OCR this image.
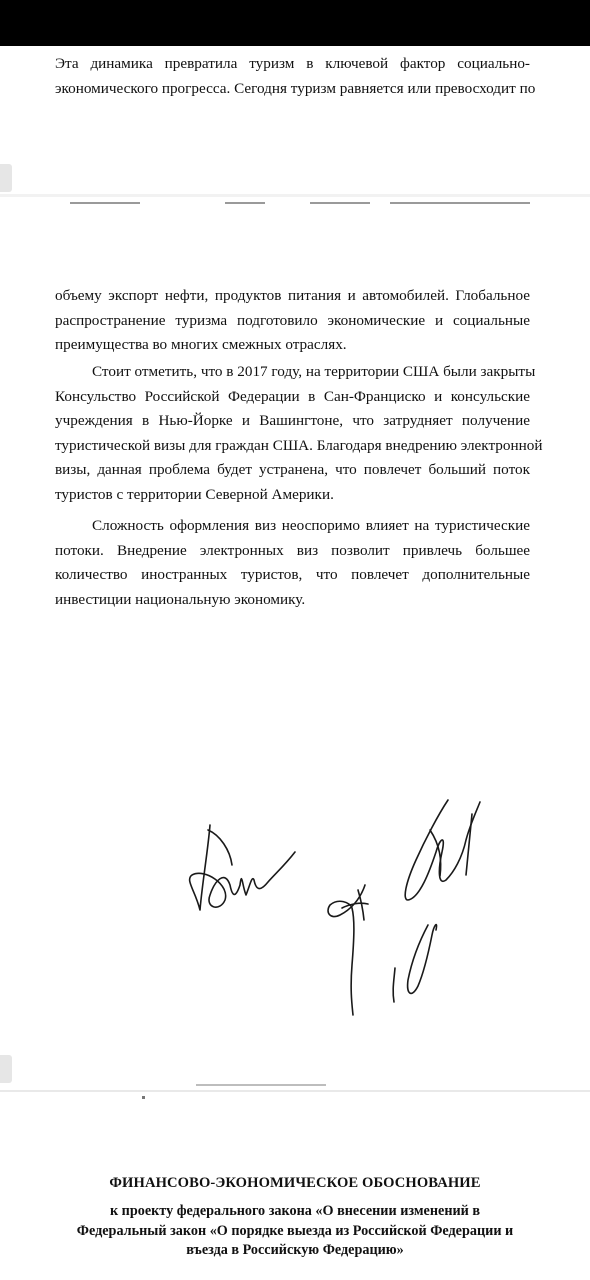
Эта динамика превратила туризм в ключевой фактор социально-
экономического прогресса. Сегодня туризм равняется или превосходит по
объему экспорт нефти, продуктов питания и автомобилей. Глобальное
распространение туризма подготовило экономические и социальные
преимущества во многих смежных отраслях.
Стоит отметить, что в 2017 году, на территории США были закрыты
Консульство Российской Федерации в Сан-Франциско и консульские
учреждения в Нью-Йорке и Вашингтоне, что затрудняет получение
туристической визы для граждан США. Благодаря внедрению электронной
визы, данная проблема будет устранена, что повлечет больший поток
туристов с территории Северной Америки.
Сложность оформления виз неоспоримо влияет на туристические
потоки. Внедрение электронных виз позволит привлечь большее
количество иностранных туристов, что повлечет дополнительные
инвестиции национальную экономику.
ФИНАНСОВО-ЭКОНОМИЧЕСКОЕ ОБОСНОВАНИЕ
к проекту федерального закона «О внесении изменений в
Федеральный закон «О порядке выезда из Российской Федерации и
въезда в Российскую Федерацию»
